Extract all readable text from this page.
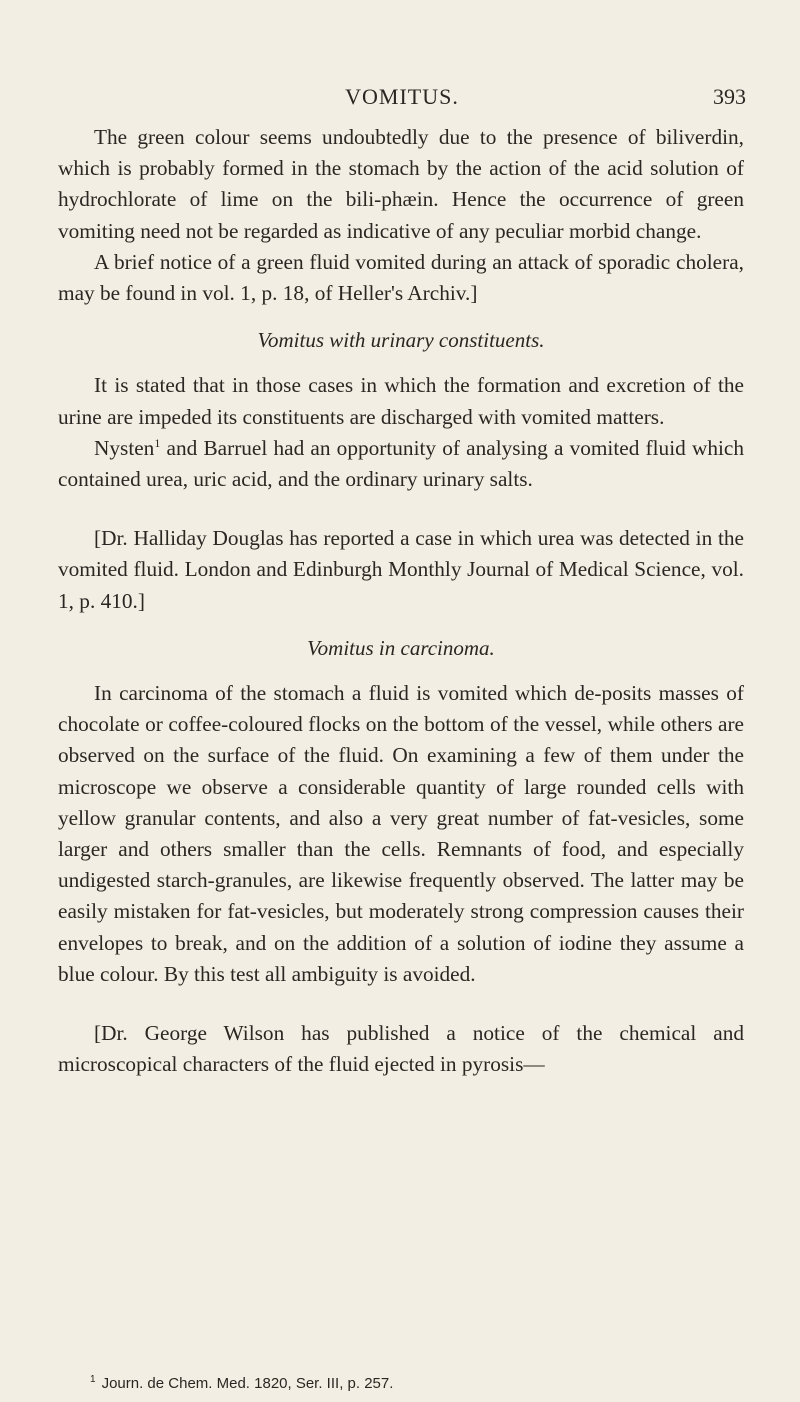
VOMITUS.	393

The green colour seems undoubtedly due to the presence of biliverdin, which is probably formed in the stomach by the action of the acid solution of hydrochlorate of lime on the bili-phæin. Hence the occurrence of green vomiting need not be regarded as indicative of any peculiar morbid change.

A brief notice of a green fluid vomited during an attack of sporadic cholera, may be found in vol. 1, p. 18, of Heller's Archiv.]

Vomitus with urinary constituents.

It is stated that in those cases in which the formation and excretion of the urine are impeded its constituents are discharged with vomited matters.

Nysten$^1$ and Barruel had an opportunity of analysing a vomited fluid which contained urea, uric acid, and the ordinary urinary salts.

[Dr. Halliday Douglas has reported a case in which urea was detected in the vomited fluid. London and Edinburgh Monthly Journal of Medical Science, vol. 1, p. 410.]

Vomitus in carcinoma.

In carcinoma of the stomach a fluid is vomited which de-posits masses of chocolate or coffee-coloured flocks on the bottom of the vessel, while others are observed on the surface of the fluid. On examining a few of them under the microscope we observe a considerable quantity of large rounded cells with yellow granular contents, and also a very great number of fat-vesicles, some larger and others smaller than the cells. Remnants of food, and especially undigested starch-granules, are likewise frequently observed. The latter may be easily mistaken for fat-vesicles, but moderately strong compression causes their envelopes to break, and on the addition of a solution of iodine they assume a blue colour. By this test all ambiguity is avoided.

[Dr. George Wilson has published a notice of the chemical and microscopical characters of the fluid ejected in pyrosis—

$^1$ Journ. de Chem. Med. 1820, Ser. III, p. 257.
